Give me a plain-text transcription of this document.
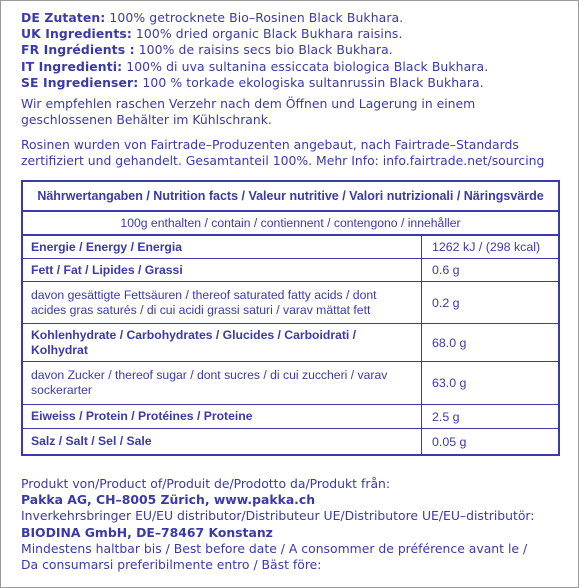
DE Zutaten: 100% getrocknete Bio–Rosinen Black Bukhara.
UK Ingredients: 100% dried organic Black Bukhara raisins.
FR Ingrédients : 100% de raisins secs bio Black Bukhara.
IT Ingredienti: 100% di uva sultanina essiccata biologica Black Bukhara.
SE Ingredienser: 100 % torkade ekologiska sultanrussin Black Bukhara.
Wir empfehlen raschen Verzehr nach dem Öffnen und Lagerung in einem
geschlossenen Behälter im Kühlschrank.
Rosinen wurden von Fairtrade–Produzenten angebaut, nach Fairtrade–Standards
zertifiziert und gehandelt. Gesamtanteil 100%. Mehr Info: info.fairtrade.net/sourcing
Nährwertangaben / Nutrition facts / Valeur nutritive / Valori nutrizionali / Näringsvärde	
100g enthalten / contain / contiennent / contengono / innehåller	
Energie / Energy / Energia	1262 kJ / (298 kcal)
Fett / Fat / Lipides / Grassi	0.6 g
davon gesättigte Fettsäuren / thereof saturated fatty acids / dont acides gras saturés / di cui acidi grassi saturi / varav mättat fett	0.2 g
Kohlenhydrate / Carbohydrates / Glucides / Carboidrati / Kolhydrat	68.0 g
davon Zucker / thereof sugar / dont sucres / di cui zuccheri / varav sockerarter	63.0 g
Eiweiss / Protein / Protéines / Proteine	2.5 g
Salz / Salt / Sel / Sale	0.05 g
Produkt von/Product of/Produit de/Prodotto da/Produkt från:
Pakka AG, CH–8005 Zürich, www.pakka.ch
Inverkehrsbringer EU/EU distributor/Distributeur UE/Distributore UE/EU–distributör:
BIODINA GmbH, DE–78467 Konstanz
Mindestens haltbar bis / Best before date / A consommer de préférence avant le /
Da consumarsi preferibilmente entro / Bäst före:
